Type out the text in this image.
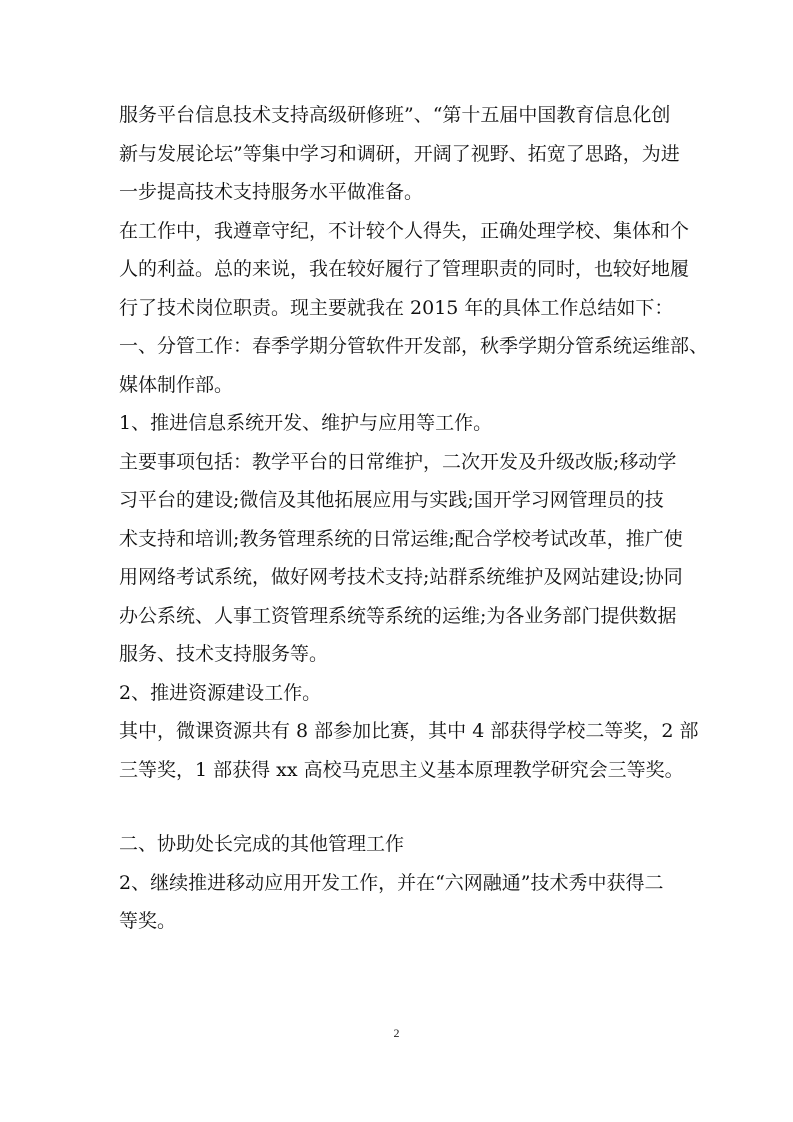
服务平台信息技术支持高级研修班”、“第十五届中国教育信息化创

新与发展论坛”等集中学习和调研，开阔了视野、拓宽了思路，为进

一步提高技术支持服务水平做准备。

在工作中，我遵章守纪，不计较个人得失，正确处理学校、集体和个

人的利益。总的来说，我在较好履行了管理职责的同时，也较好地履

行了技术岗位职责。现主要就我在 2015 年的具体工作总结如下：

一、分管工作：春季学期分管软件开发部，秋季学期分管系统运维部、

媒体制作部。

1、推进信息系统开发、维护与应用等工作。

主要事项包括：教学平台的日常维护，二次开发及升级改版;移动学

习平台的建设;微信及其他拓展应用与实践;国开学习网管理员的技

术支持和培训;教务管理系统的日常运维;配合学校考试改革，推广使

用网络考试系统，做好网考技术支持;站群系统维护及网站建设;协同

办公系统、人事工资管理系统等系统的运维;为各业务部门提供数据

服务、技术支持服务等。

2、推进资源建设工作。

其中，微课资源共有 8 部参加比赛，其中 4 部获得学校二等奖，2 部

三等奖，1 部获得 xx 高校马克思主义基本原理教学研究会三等奖。

二、协助处长完成的其他管理工作

2、继续推进移动应用开发工作，并在“六网融通”技术秀中获得二

等奖。

2
